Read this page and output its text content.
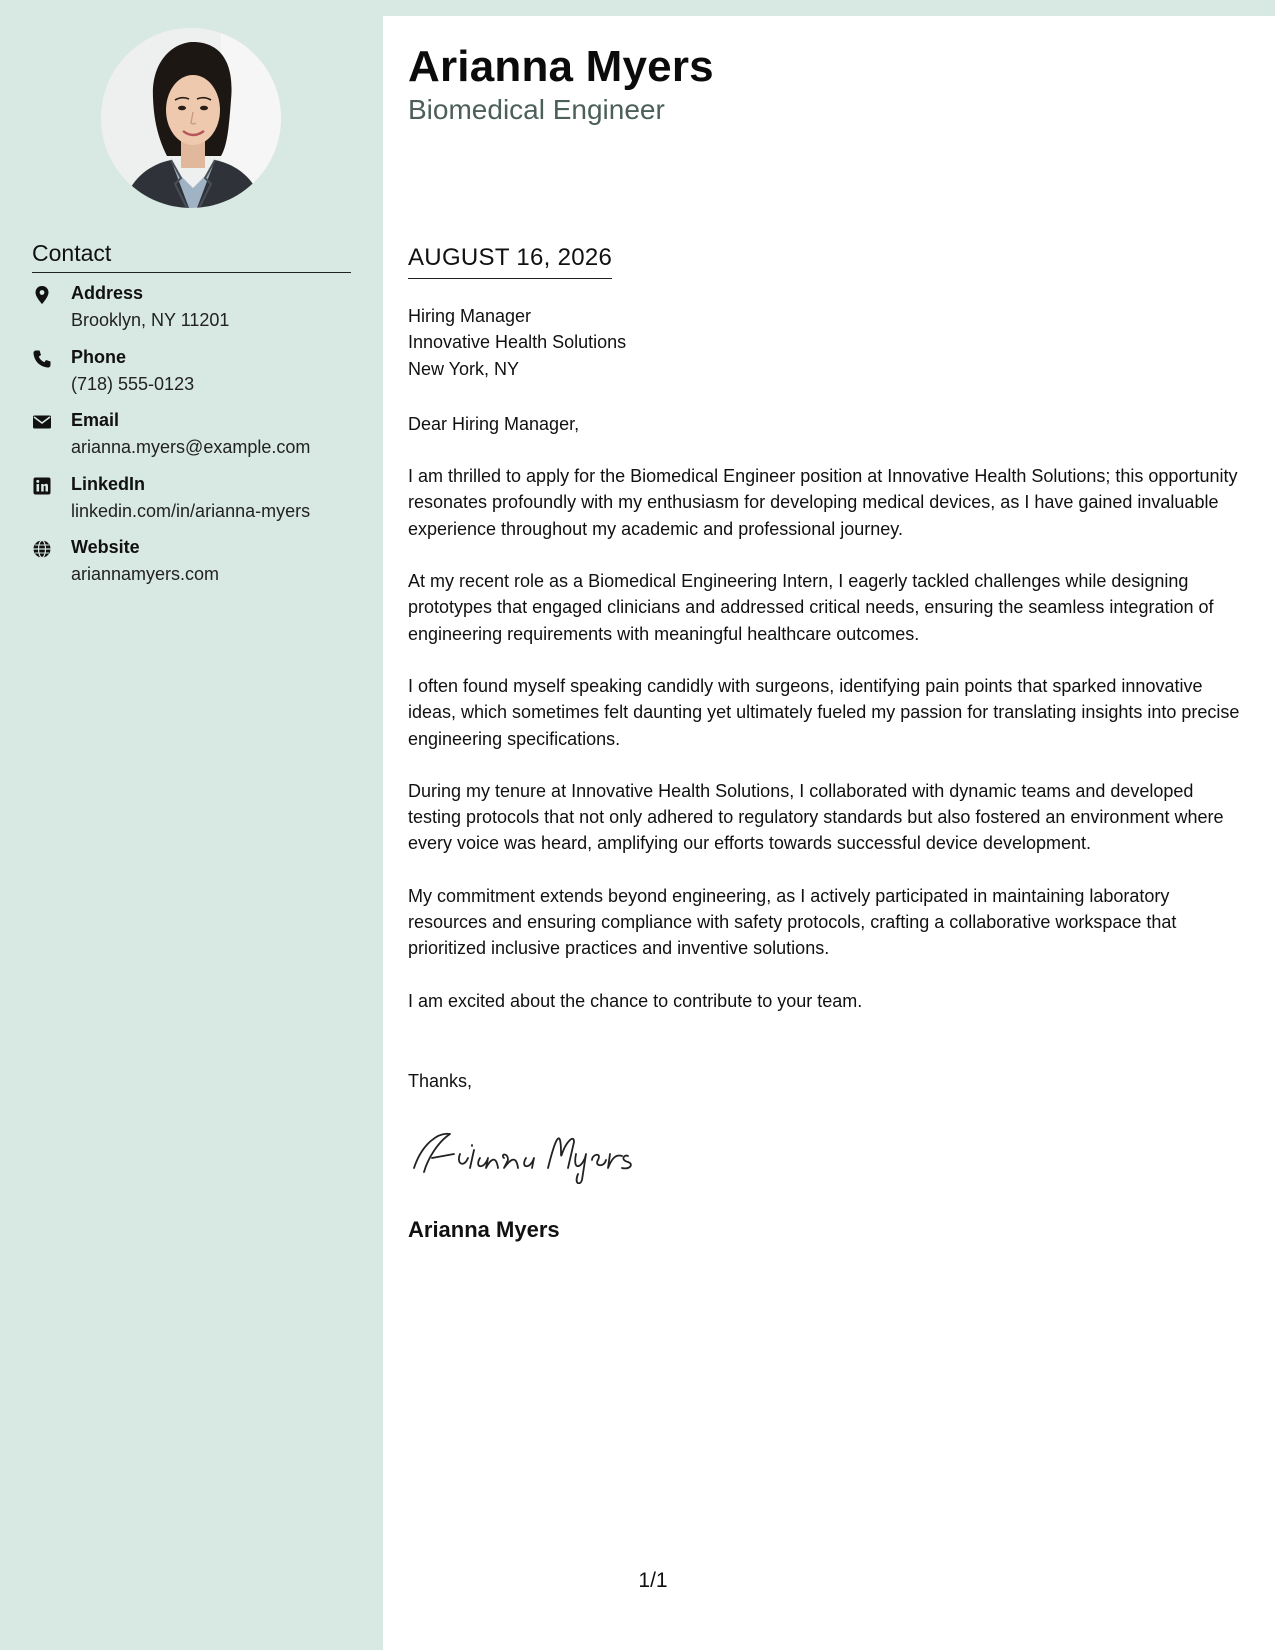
Contact
Address
Brooklyn, NY 11201
Phone
(718) 555-0123
Email
arianna.myers@example.com
LinkedIn
linkedin.com/in/arianna-myers
Website
ariannamyers.com
Arianna Myers
Biomedical Engineer
AUGUST 16, 2026
Hiring Manager
Innovative Health Solutions
New York, NY
Dear Hiring Manager,
I am thrilled to apply for the Biomedical Engineer position at Innovative Health Solutions; this opportunity resonates profoundly with my enthusiasm for developing medical devices, as I have gained invaluable experience throughout my academic and professional journey.
At my recent role as a Biomedical Engineering Intern, I eagerly tackled challenges while designing prototypes that engaged clinicians and addressed critical needs, ensuring the seamless integration of engineering requirements with meaningful healthcare outcomes.
I often found myself speaking candidly with surgeons, identifying pain points that sparked innovative ideas, which sometimes felt daunting yet ultimately fueled my passion for translating insights into precise engineering specifications.
During my tenure at Innovative Health Solutions, I collaborated with dynamic teams and developed testing protocols that not only adhered to regulatory standards but also fostered an environment where every voice was heard, amplifying our efforts towards successful device development.
My commitment extends beyond engineering, as I actively participated in maintaining laboratory resources and ensuring compliance with safety protocols, crafting a collaborative workspace that prioritized inclusive practices and inventive solutions.
I am excited about the chance to contribute to your team.
Thanks,
Arianna Myers
1/1
